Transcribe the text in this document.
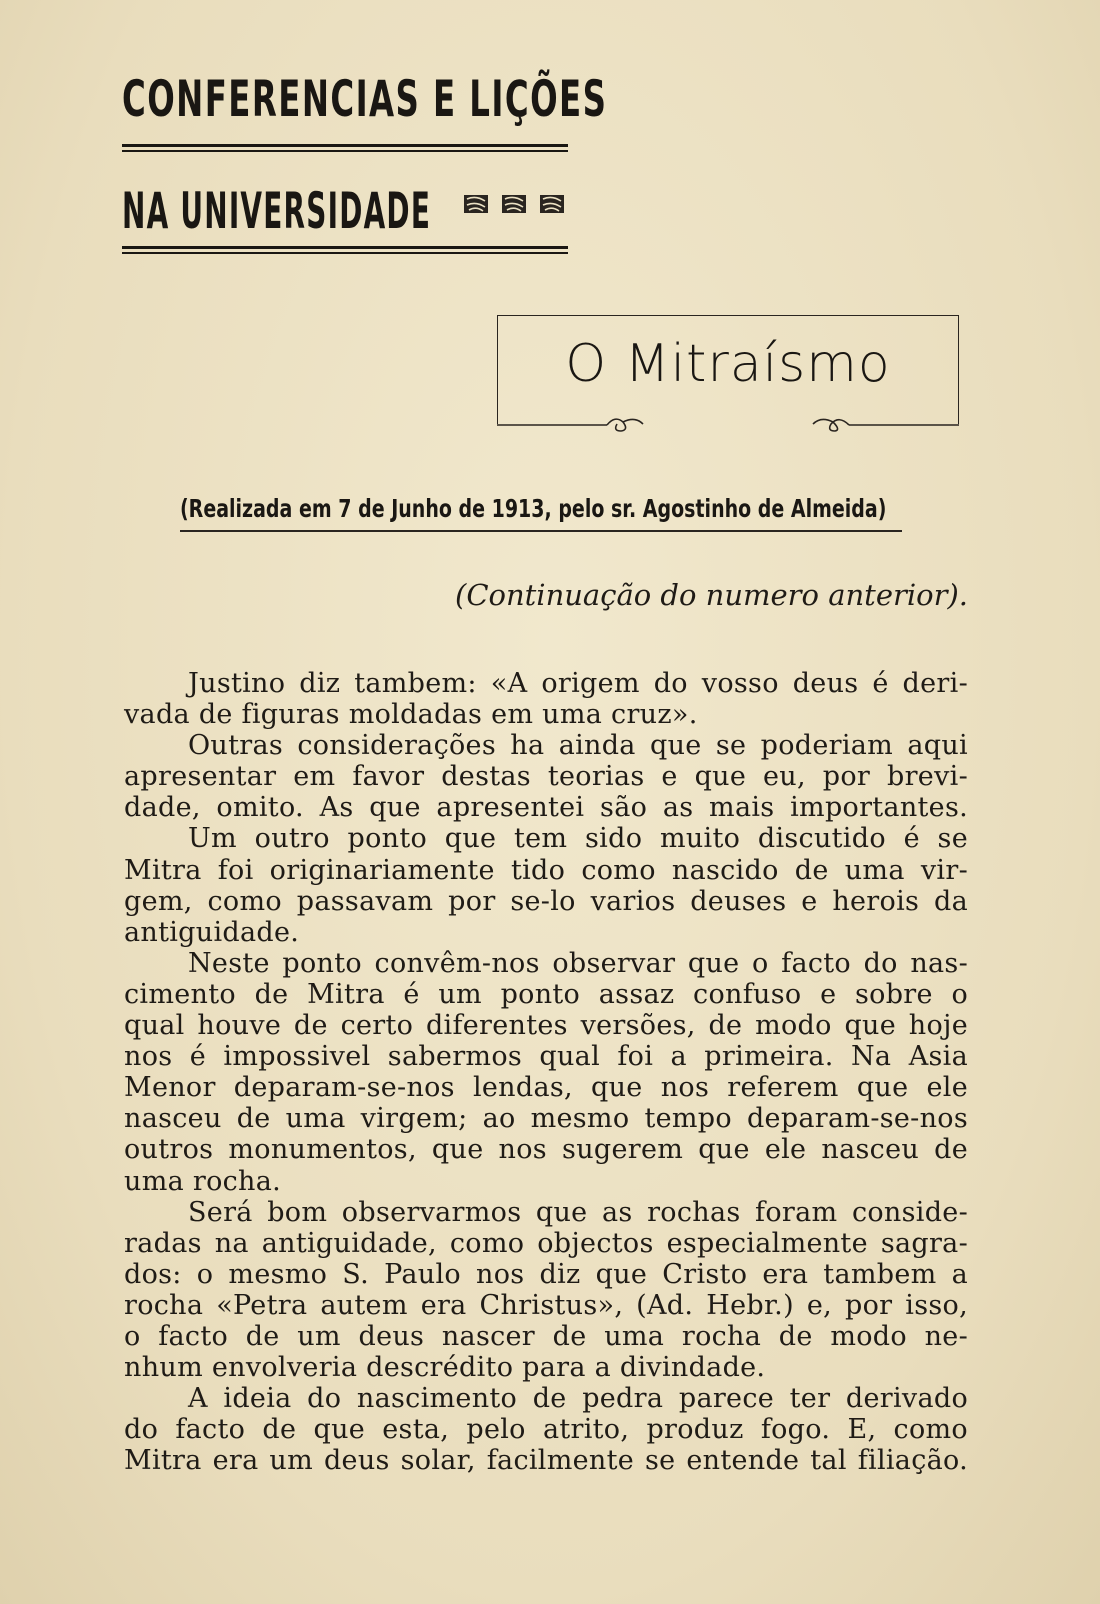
CONFERENCIAS E LIÇÕES
NA UNIVERSIDADE

O Mitraísmo
(Realizada em 7 de Junho de 1913, pelo sr. Agostinho de Almeida)
(Continuação do numero anterior).
Justino diz tambem: «A origem do vosso deus é deri-
vada de figuras moldadas em uma cruz».
Outras considerações ha ainda que se poderiam aqui
apresentar em favor destas teorias e que eu, por brevi-
dade, omito. As que apresentei são as mais importantes.
Um outro ponto que tem sido muito discutido é se
Mitra foi originariamente tido como nascido de uma vir-
gem, como passavam por se-lo varios deuses e herois da
antiguidade.
Neste ponto convêm-nos observar que o facto do nas-
cimento de Mitra é um ponto assaz confuso e sobre o
qual houve de certo diferentes versões, de modo que hoje
nos é impossivel sabermos qual foi a primeira. Na Asia
Menor deparam-se-nos lendas, que nos referem que ele
nasceu de uma virgem; ao mesmo tempo deparam-se-nos
outros monumentos, que nos sugerem que ele nasceu de
uma rocha.
Será bom observarmos que as rochas foram conside-
radas na antiguidade, como objectos especialmente sagra-
dos: o mesmo S. Paulo nos diz que Cristo era tambem a
rocha «Petra autem era Christus», (Ad. Hebr.) e, por isso,
o facto de um deus nascer de uma rocha de modo ne-
nhum envolveria descrédito para a divindade.
A ideia do nascimento de pedra parece ter derivado
do facto de que esta, pelo atrito, produz fogo. E, como
Mitra era um deus solar, facilmente se entende tal filiação.
